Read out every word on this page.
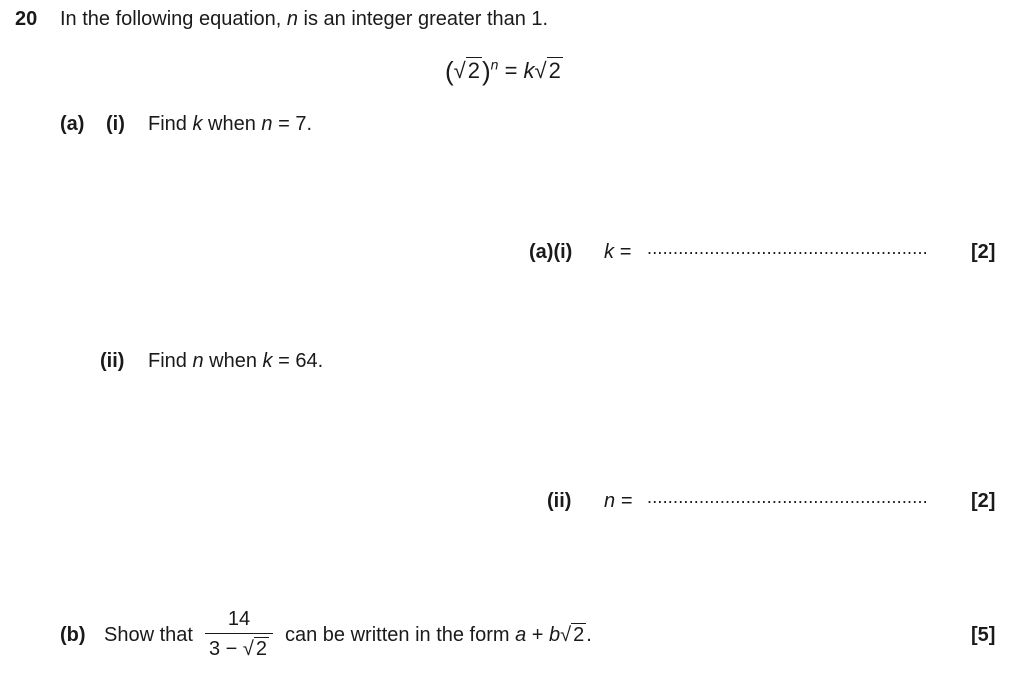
20 In the following equation, n is an integer greater than 1.
$(√2)^n = k√2$
(a) (i) Find k when n = 7.
(a)(i) k = ...................................................... [2]
(ii) Find n when k = 64.
(ii) n = ...................................................... [2]
(b) Show that $\frac{14}{3 - √ 2}$ can be written in the form a + b√ 2 .	[5]
